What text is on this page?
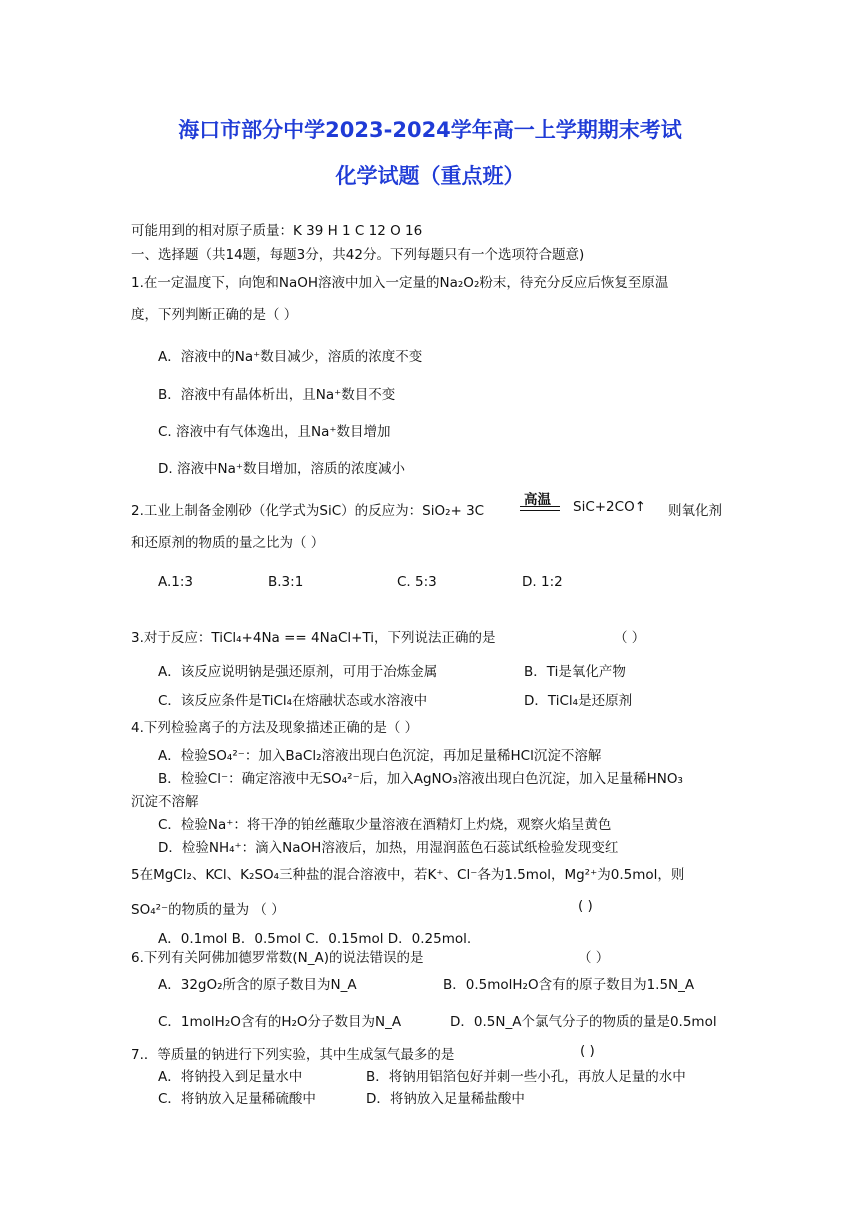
海口市部分中学2023-2024学年高一上学期期末考试
化学试题（重点班）
可能用到的相对原子质量：K 39 H 1 C 12 O 16
一、选择题（共14题，每题3分，共42分。下列每题只有一个选项符合题意)
1.在一定温度下，向饱和NaOH溶液中加入一定量的Na₂O₂粉末，待充分反应后恢复至原温
度，下列判断正确的是（ ）
A．溶液中的Na⁺数目减少，溶质的浓度不变
B．溶液中有晶体析出，且Na⁺数目不变
C. 溶液中有气体逸出，且Na⁺数目增加
D. 溶液中Na⁺数目增加，溶质的浓度减小
2.工业上制备金刚砂（化学式为SiC）的反应为：SiO₂+ 3C
高温 SiC+2CO↑ 则氧化剂
和还原剂的物质的量之比为（ ）
A.1:3	B.3:1	C. 5:3	D. 1:2
3.对于反应：TiCl₄+4Na == 4NaCl+Ti，下列说法正确的是	（ ）
A．该反应说明钠是强还原剂，可用于冶炼金属	B．Ti是氧化产物
C．该反应条件是TiCl₄在熔融状态或水溶液中	D．TiCl₄是还原剂
4.下列检验离子的方法及现象描述正确的是（ ）
A．检验SO₄²⁻：加入BaCl₂溶液出现白色沉淀，再加足量稀HCl沉淀不溶解
B．检验Cl⁻：确定溶液中无SO₄²⁻后，加入AgNO₃溶液出现白色沉淀，加入足量稀HNO₃
沉淀不溶解
C．检验Na⁺：将干净的铂丝蘸取少量溶液在酒精灯上灼烧，观察火焰呈黄色
D．检验NH₄⁺：滴入NaOH溶液后，加热，用湿润蓝色石蕊试纸检验发现变红
5在MgCl₂、KCl、K₂SO₄三种盐的混合溶液中，若K⁺、Cl⁻各为1.5mol，Mg²⁺为0.5mol，则
SO₄²⁻的物质的量为 （ ）	( )
A．0.1mol B．0.5mol C．0.15mol D．0.25mol.
6.下列有关阿佛加德罗常数(N_A)的说法错误的是	（ ）
A．32gO₂所含的原子数目为N_A	B．0.5molH₂O含有的原子数目为1.5N_A
C．1molH₂O含有的H₂O分子数目为N_A	D．0.5N_A个氯气分子的物质的量是0.5mol
7.．等质量的钠进行下列实验，其中生成氢气最多的是	( )
A．将钠投入到足量水中	B．将钠用铝箔包好并刺一些小孔，再放人足量的水中
C．将钠放入足量稀硫酸中	D．将钠放入足量稀盐酸中
